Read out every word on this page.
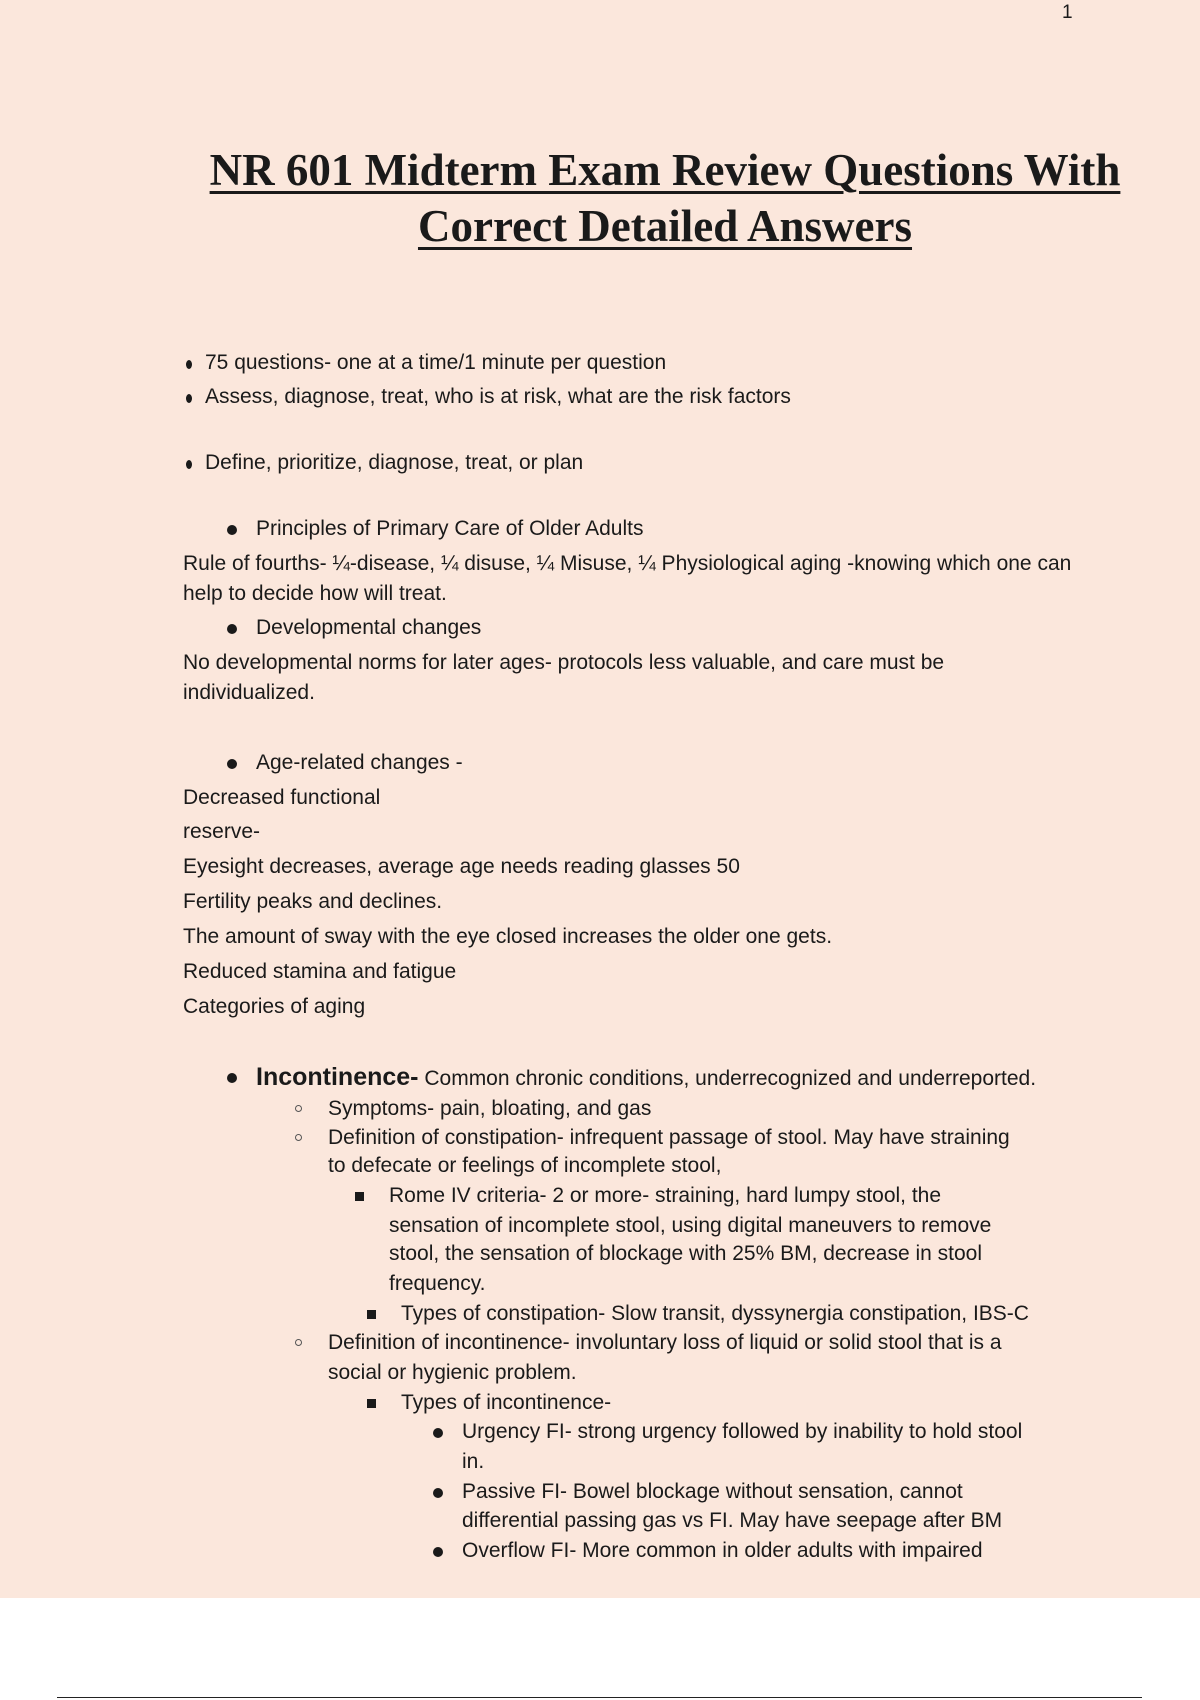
1
NR 601 Midterm Exam Review Questions With
Correct Detailed Answers
75 questions- one at a time/1 minute per question
Assess, diagnose, treat, who is at risk, what are the risk factors
Define, prioritize, diagnose, treat, or plan
Principles of Primary Care of Older Adults
Rule of fourths- ¼-disease, ¼ disuse, ¼ Misuse, ¼ Physiological aging -knowing which one can
help to decide how will treat.
Developmental changes
No developmental norms for later ages- protocols less valuable, and care must be
individualized.
Age-related changes -
Decreased functional
reserve-
Eyesight decreases, average age needs reading glasses 50
Fertility peaks and declines.
The amount of sway with the eye closed increases the older one gets.
Reduced stamina and fatigue
Categories of aging
Incontinence- Common chronic conditions, underrecognized and underreported.
Symptoms- pain, bloating, and gas
Definition of constipation- infrequent passage of stool. May have straining
to defecate or feelings of incomplete stool,
Rome IV criteria- 2 or more- straining, hard lumpy stool, the
sensation of incomplete stool, using digital maneuvers to remove
stool, the sensation of blockage with 25% BM, decrease in stool
frequency.
Types of constipation- Slow transit, dyssynergia constipation, IBS-C
Definition of incontinence- involuntary loss of liquid or solid stool that is a
social or hygienic problem.
Types of incontinence-
Urgency FI- strong urgency followed by inability to hold stool
in.
Passive FI- Bowel blockage without sensation, cannot
differential passing gas vs FI. May have seepage after BM
Overflow FI- More common in older adults with impaired
